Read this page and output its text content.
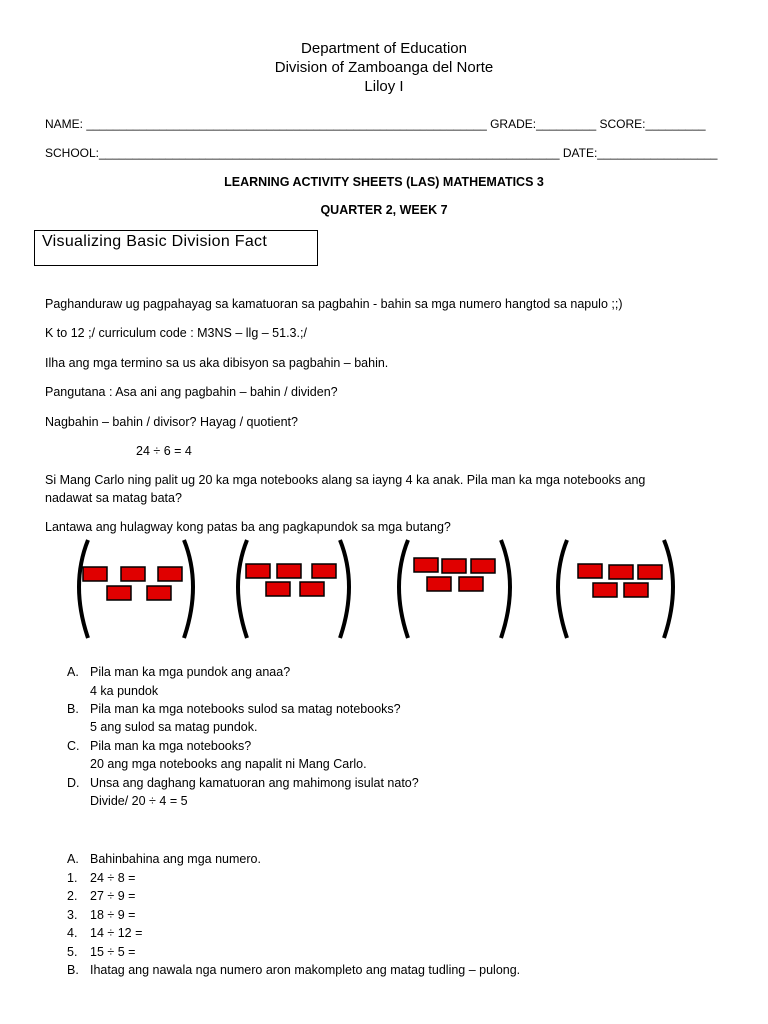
Department of Education
Division of Zamboanga del Norte
Liloy I
NAME: ____________________________________________________________ GRADE:_________ SCORE:_________
SCHOOL:_____________________________________________________________________ DATE:__________________
LEARNING ACTIVITY SHEETS (LAS) MATHEMATICS 3
QUARTER 2, WEEK 7
Visualizing Basic Division Fact
Paghanduraw ug pagpahayag sa kamatuoran sa pagbahin - bahin sa mga numero hangtod sa napulo ;;)
K to 12 ;/ curriculum code : M3NS – llg – 51.3.;/
Ilha ang mga termino sa us aka dibisyon sa pagbahin – bahin.
Pangutana : Asa ani ang pagbahin – bahin / dividen?
Nagbahin – bahin / divisor? Hayag / quotient?
24 ÷ 6 = 4
Si Mang Carlo ning palit ug 20 ka mga notebooks alang sa iayng 4 ka anak. Pila man ka mga notebooks ang
nadawat sa matag bata?
Lantawa ang hulagway kong patas ba ang pagkapundok sa mga butang?
A. Pila man ka mga pundok ang anaa?
4 ka pundok
B. Pila man ka mga notebooks sulod sa matag notebooks?
5 ang sulod sa matag pundok.
C. Pila man ka mga notebooks?
20 ang mga notebooks ang napalit ni Mang Carlo.
D. Unsa ang daghang kamatuoran ang mahimong isulat nato?
Divide/ 20 ÷ 4 = 5
A. Bahinbahina ang mga numero.
1.	24 ÷ 8 =
2.	27 ÷ 9 =
3.	18 ÷ 9 =
4.	14 ÷ 12 =
5.	15 ÷ 5 =
B. Ihatag ang nawala nga numero aron makompleto ang matag tudling – pulong.
